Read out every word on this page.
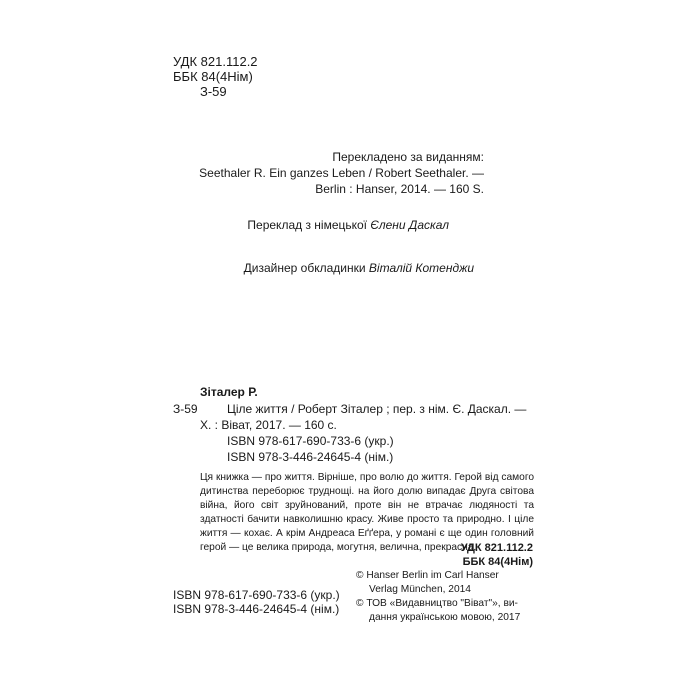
УДК 821.112.2
ББК 84(4Нім)
З-59
Перекладено за виданням:
Seethaler R. Ein ganzes Leben / Robert Seethaler. —
Berlin : Hanser, 2014. — 160 S.
Переклад з німецької Єлени Даскал
Дизайнер обкладинки Віталій Котенджи
Зіталер Р.
З-59 Ціле життя / Роберт Зіталер ; пер. з нім. Є. Даскал. —
Х. : Віват, 2017. — 160 с.
ISBN 978-617-690-733-6 (укр.)
ISBN 978-3-446-24645-4 (нім.)
Ця книжка — про життя. Вірніше, про волю до життя. Герой від самого дитинства переборює труднощі. на його долю випадає Друга світова війна, його світ зруйнований, проте він не втрачає людяності та здатності бачити навколишню красу. Живе просто та природно. І ціле життя — кохає. А крім Андреаса Еґґера, у романі є ще один головний герой — це велика природа, могутня, велична, прекрасна.
УДК 821.112.2
ББК 84(4Нім)
ISBN 978-617-690-733-6 (укр.)
ISBN 978-3-446-24645-4 (нім.)
© Hanser Berlin im Carl Hanser
Verlag München, 2014
© ТОВ «Видавництво "Віват"», ви-
дання українською мовою, 2017
